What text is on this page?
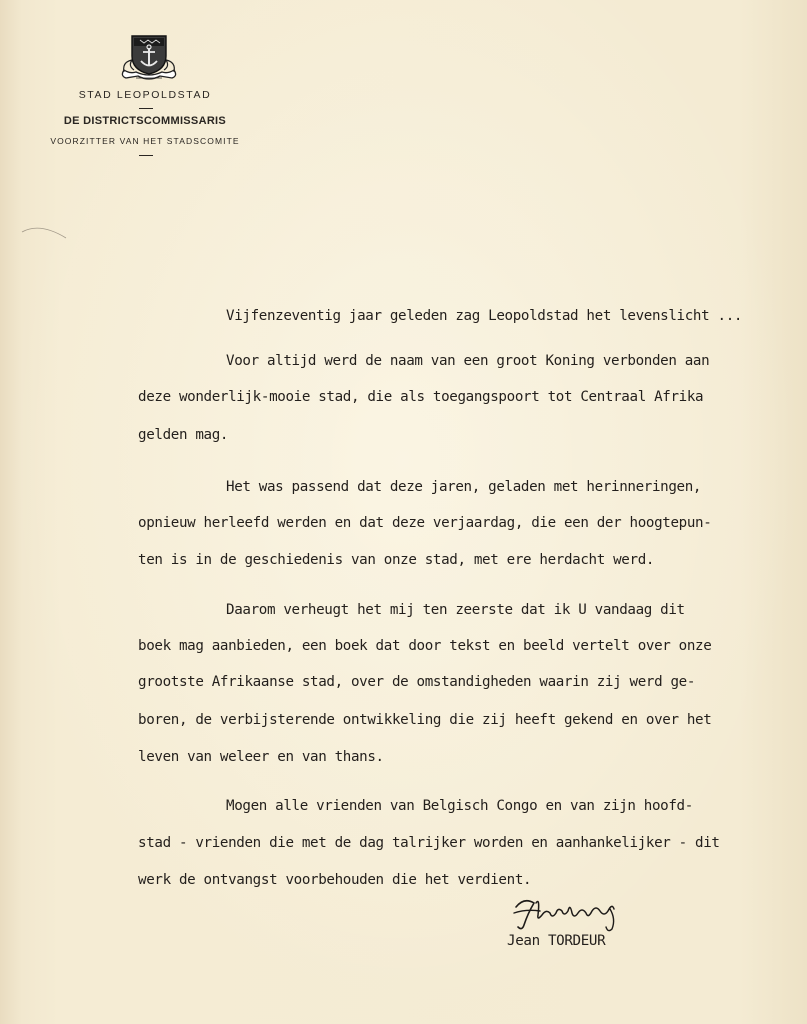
STAD LEOPOLDSTAD
DE DISTRICTSCOMMISSARIS
VOORZITTER VAN HET STADSCOMITE
Vijfenzeventig jaar geleden zag Leopoldstad het levenslicht ...
Voor altijd werd de naam van een groot Koning verbonden aan
deze wonderlijk-mooie stad, die als toegangspoort tot Centraal Afrika
gelden mag.
Het was passend dat deze jaren, geladen met herinneringen,
opnieuw herleefd werden en dat deze verjaardag, die een der hoogtepun-
ten is in de geschiedenis van onze stad, met ere herdacht werd.
Daarom verheugt het mij ten zeerste dat ik U vandaag dit
boek mag aanbieden, een boek dat door tekst en beeld vertelt over onze
grootste Afrikaanse stad, over de omstandigheden waarin zij werd ge-
boren, de verbijsterende ontwikkeling die zij heeft gekend en over het
leven van weleer en van thans.
Mogen alle vrienden van Belgisch Congo en van zijn hoofd-
stad - vrienden die met de dag talrijker worden en aanhankelijker - dit
werk de ontvangst voorbehouden die het verdient.
Jean TORDEUR
